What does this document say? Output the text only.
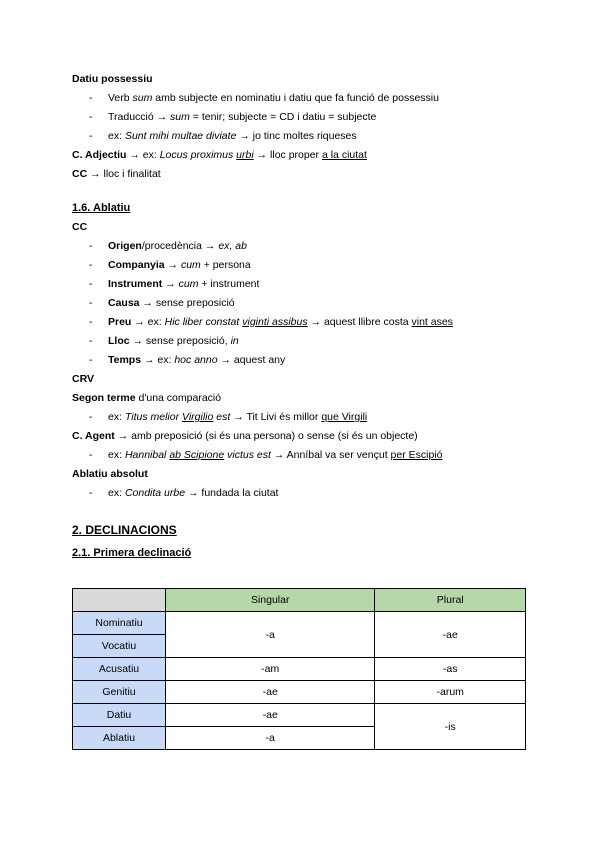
Datiu possessiu
- Verb sum amb subjecte en nominatiu i datiu que fa funció de possessiu
- Traducció → sum = tenir; subjecte = CD i datiu = subjecte
- ex: Sunt mihi multae diviate → jo tinc moltes riqueses
C. Adjectiu → ex: Locus proximus urbi → lloc proper a la ciutat
CC → lloc i finalitat
1.6. Ablatiu
CC
- Origen/procedència → ex, ab
- Companyia → cum + persona
- Instrument → cum + instrument
- Causa → sense preposició
- Preu → ex: Hic liber constat viginti assibus → aquest llibre costa vint ases
- Lloc → sense preposició, in
- Temps → ex: hoc anno → aquest any
CRV
Segon terme d'una comparació
- ex: Titus melior Virgilio est → Tit Livi és millor que Virgili
C. Agent → amb preposició (si és una persona) o sense (si és un objecte)
- ex: Hannibal ab Scipione victus est → Anníbal va ser vençut per Escipió
Ablatiu absolut
- ex: Condita urbe → fundada la ciutat
2. DECLINACIONS
2.1. Primera declinació
	Singular	Plural
Nominatiu	-a	-ae
Vocatiu		
Acusatiu	-am	-as
Genitiu	-ae	-arum
Datiu	-ae	-is
Ablatiu	-a	
